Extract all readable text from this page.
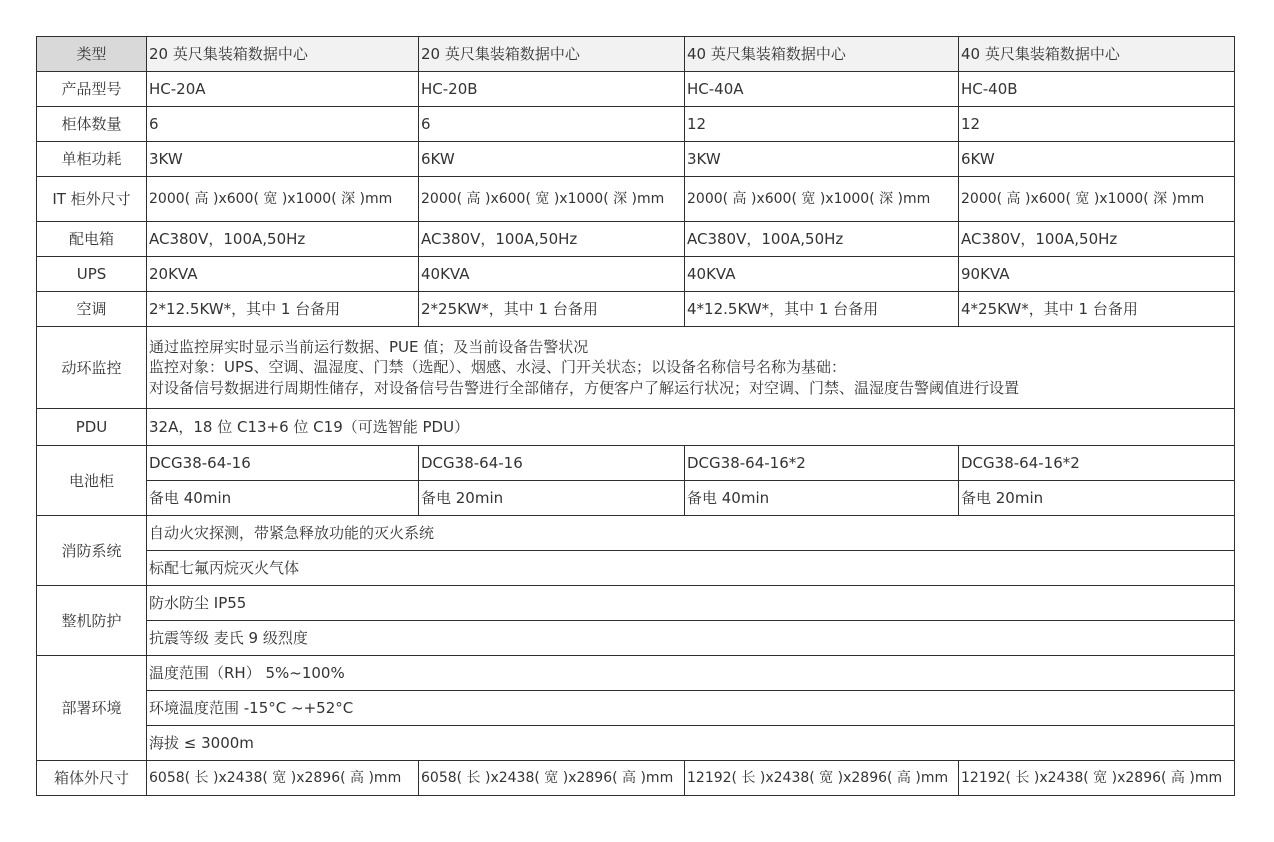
类型	20 英尺集装箱数据中心	20 英尺集装箱数据中心	40 英尺集装箱数据中心	40 英尺集装箱数据中心
产品型号	HC-20A	HC-20B	HC-40A	HC-40B
柜体数量	6	6	12	12
单柜功耗	3KW	6KW	3KW	6KW
IT 柜外尺寸	2000( 高 )x600( 宽 )x1000( 深 )mm	2000( 高 )x600( 宽 )x1000( 深 )mm	2000( 高 )x600( 宽 )x1000( 深 )mm	2000( 高 )x600( 宽 )x1000( 深 )mm
配电箱	AC380V，100A,50Hz	AC380V，100A,50Hz	AC380V，100A,50Hz	AC380V，100A,50Hz
UPS	20KVA	40KVA	40KVA	90KVA
空调	2*12.5KW*，其中 1 台备用	2*25KW*，其中 1 台备用	4*12.5KW*，其中 1 台备用	4*25KW*，其中 1 台备用
动环监控	通过监控屏实时显示当前运行数据、PUE 值；及当前设备告警状况
监控对象：UPS、空调、温湿度、门禁（选配）、烟感、水浸、门开关状态；以设备名称信号名称为基础：
对设备信号数据进行周期性储存，对设备信号告警进行全部储存，方便客户了解运行状况；对空调、门禁、温湿度告警阈值进行设置			

PDU	32A，18 位 C13+6 位 C19（可选智能 PDU）			
电池柜	DCG38-64-16	DCG38-64-16	DCG38-64-16*2	DCG38-64-16*2
	备电 40min	备电 20min	备电 40min	备电 20min
消防系统	自动火灾探测，带紧急释放功能的灭火系统			
	标配七氟丙烷灭火气体			
整机防护	防水防尘 IP55			
	抗震等级 麦氏 9 级烈度			
部署环境	温度范围（RH） 5%~100%			
	环境温度范围 -15°C ~+52°C			
	海拔 ≤ 3000m			
箱体外尺寸	6058( 长 )x2438( 宽 )x2896( 高 )mm	6058( 长 )x2438( 宽 )x2896( 高 )mm	12192( 长 )x2438( 宽 )x2896( 高 )mm	12192( 长 )x2438( 宽 )x2896( 高 )mm
